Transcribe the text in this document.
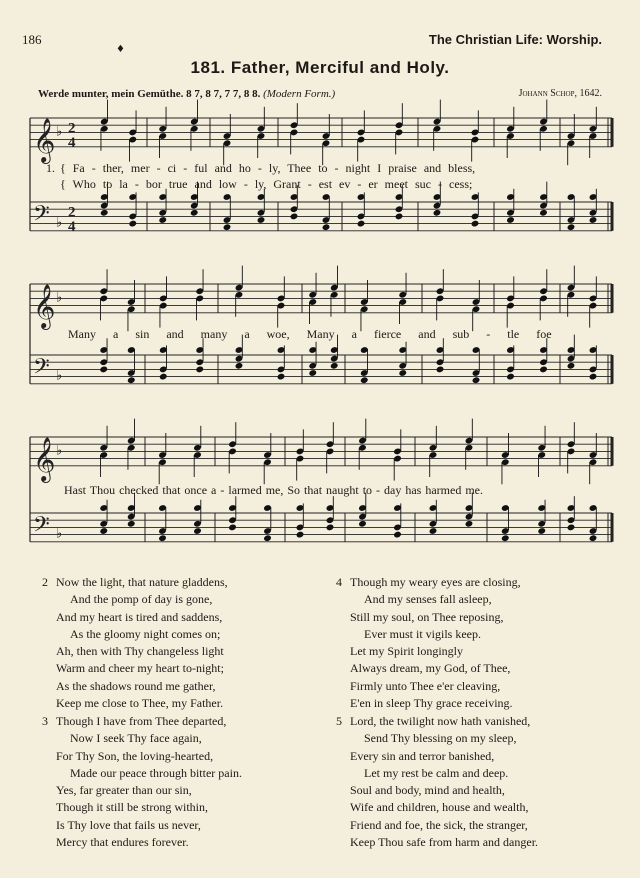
186	The Christian Life: Worship.
♦
181. Father, Merciful and Holy.
Werde munter, mein Gemüthe. 8 7, 8 7, 7 7, 8 8. (Modern Form.)	Johann Schop, 1642.
𝄞 ♭ 2
4
𝄢 ♭
2
4
𝄞 ♭
𝄢 ♭
𝄞 ♭
𝄢 ♭
1. { Fa - ther, mer - ci - ful and ho - ly, Thee to - night I praise and bless,
{ Who to la - bor true and low - ly, Grant - est ev - er meet suc - cess;
Many a sin and many a woe, Many a fierce and sub - tle foe
Hast Thou checked that once a - larmed me, So that naught to - day has harmed me.
2 Now the light, that nature gladdens,
And the pomp of day is gone,
And my heart is tired and saddens,
As the gloomy night comes on;
Ah, then with Thy changeless light
Warm and cheer my heart to-night;
As the shadows round me gather,
Keep me close to Thee, my Father.
3 Though I have from Thee departed,
Now I seek Thy face again,
For Thy Son, the loving-hearted,
Made our peace through bitter pain.
Yes, far greater than our sin,
Though it still be strong within,
Is Thy love that fails us never,
Mercy that endures forever.
4 Though my weary eyes are closing,
And my senses fall asleep,
Still my soul, on Thee reposing,
Ever must it vigils keep.
Let my Spirit longingly
Always dream, my God, of Thee,
Firmly unto Thee e'er cleaving,
E'en in sleep Thy grace receiving.
5 Lord, the twilight now hath vanished,
Send Thy blessing on my sleep,
Every sin and terror banished,
Let my rest be calm and deep.
Soul and body, mind and health,
Wife and children, house and wealth,
Friend and foe, the sick, the stranger,
Keep Thou safe from harm and danger.
